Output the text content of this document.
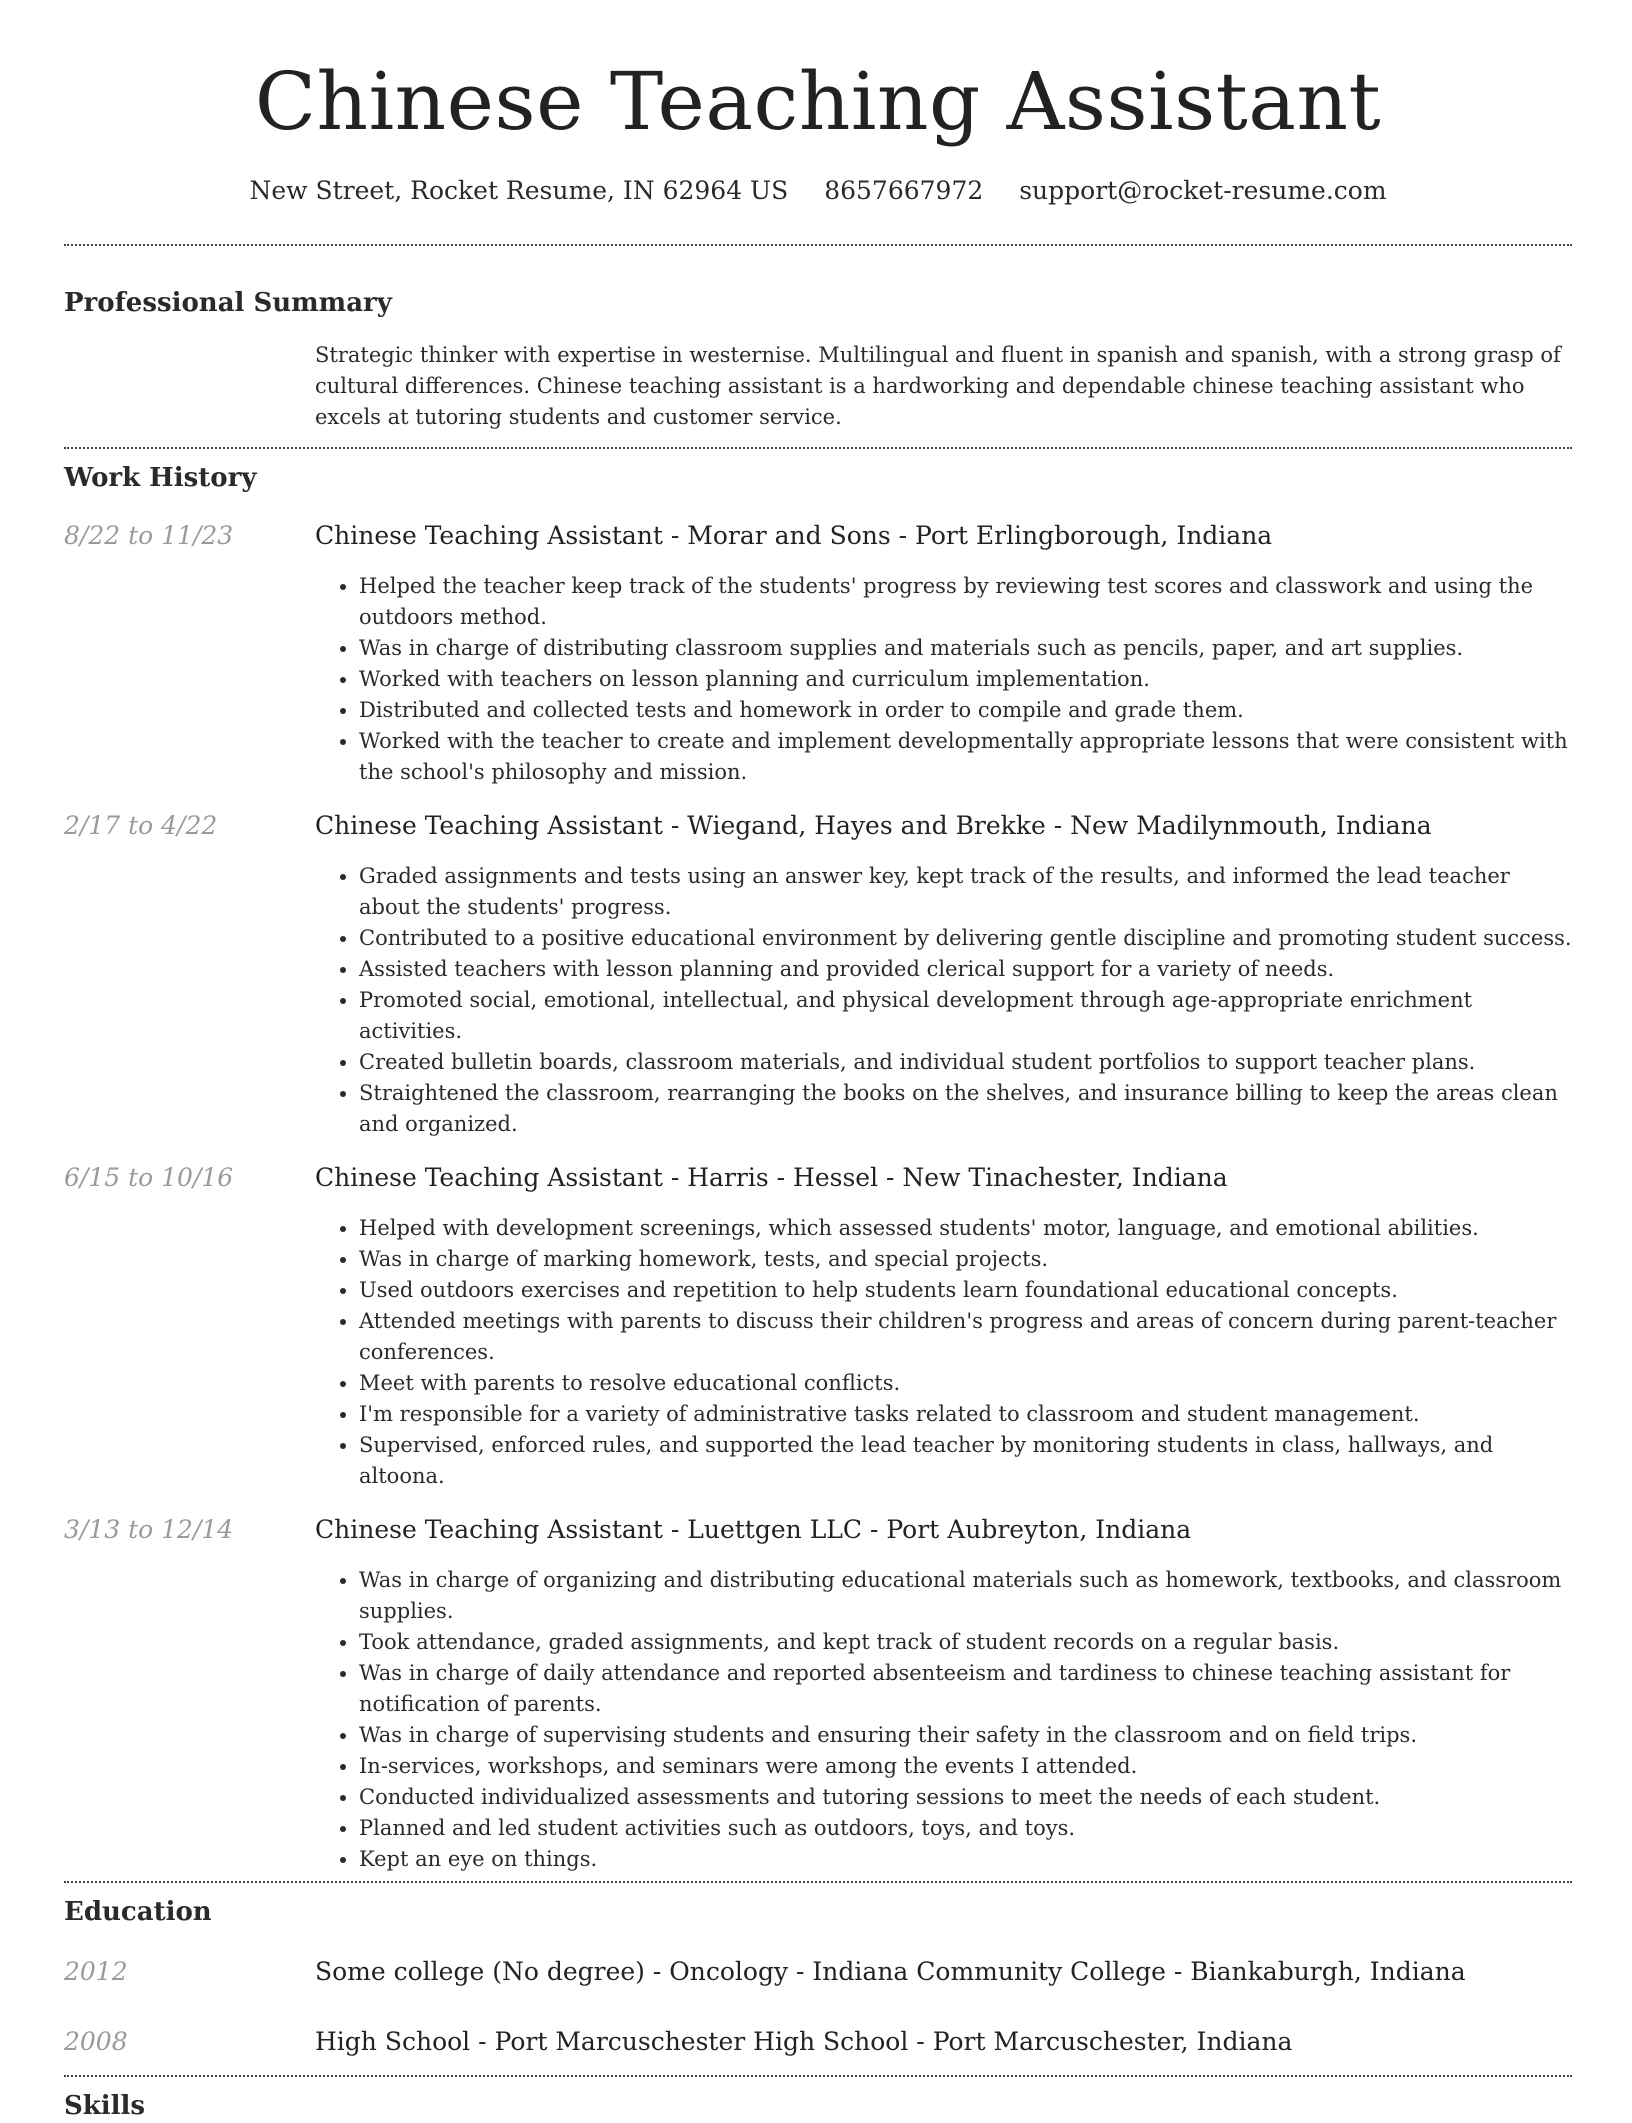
Chinese Teaching Assistant
New Street, Rocket Resume, IN 62964 US 8657667972 support@rocket-resume.com
Professional Summary
Strategic thinker with expertise in westernise. Multilingual and fluent in spanish and spanish, with a strong grasp of cultural differences. Chinese teaching assistant is a hardworking and dependable chinese teaching assistant who excels at tutoring students and customer service.
Work History
8/22 to 11/23	Chinese Teaching Assistant - Morar and Sons - Port Erlingborough, Indiana
• Helped the teacher keep track of the students' progress by reviewing test scores and classwork and using the outdoors method.
• Was in charge of distributing classroom supplies and materials such as pencils, paper, and art supplies.
• Worked with teachers on lesson planning and curriculum implementation.
• Distributed and collected tests and homework in order to compile and grade them.
• Worked with the teacher to create and implement developmentally appropriate lessons that were consistent with the school's philosophy and mission.
2/17 to 4/22	Chinese Teaching Assistant - Wiegand, Hayes and Brekke - New Madilynmouth, Indiana
• Graded assignments and tests using an answer key, kept track of the results, and informed the lead teacher about the students' progress.
• Contributed to a positive educational environment by delivering gentle discipline and promoting student success.
• Assisted teachers with lesson planning and provided clerical support for a variety of needs.
• Promoted social, emotional, intellectual, and physical development through age-appropriate enrichment activities.
• Created bulletin boards, classroom materials, and individual student portfolios to support teacher plans.
• Straightened the classroom, rearranging the books on the shelves, and insurance billing to keep the areas clean and organized.
6/15 to 10/16	Chinese Teaching Assistant - Harris - Hessel - New Tinachester, Indiana
• Helped with development screenings, which assessed students' motor, language, and emotional abilities.
• Was in charge of marking homework, tests, and special projects.
• Used outdoors exercises and repetition to help students learn foundational educational concepts.
• Attended meetings with parents to discuss their children's progress and areas of concern during parent-teacher conferences.
• Meet with parents to resolve educational conflicts.
• I'm responsible for a variety of administrative tasks related to classroom and student management.
• Supervised, enforced rules, and supported the lead teacher by monitoring students in class, hallways, and altoona.
3/13 to 12/14	Chinese Teaching Assistant - Luettgen LLC - Port Aubreyton, Indiana
• Was in charge of organizing and distributing educational materials such as homework, textbooks, and classroom supplies.
• Took attendance, graded assignments, and kept track of student records on a regular basis.
• Was in charge of daily attendance and reported absenteeism and tardiness to chinese teaching assistant for notification of parents.
• Was in charge of supervising students and ensuring their safety in the classroom and on field trips.
• In-services, workshops, and seminars were among the events I attended.
• Conducted individualized assessments and tutoring sessions to meet the needs of each student.
• Planned and led student activities such as outdoors, toys, and toys.
• Kept an eye on things.
Education
2012	Some college (No degree) - Oncology - Indiana Community College - Biankaburgh, Indiana
2008	High School - Port Marcuschester High School - Port Marcuschester, Indiana
Skills
